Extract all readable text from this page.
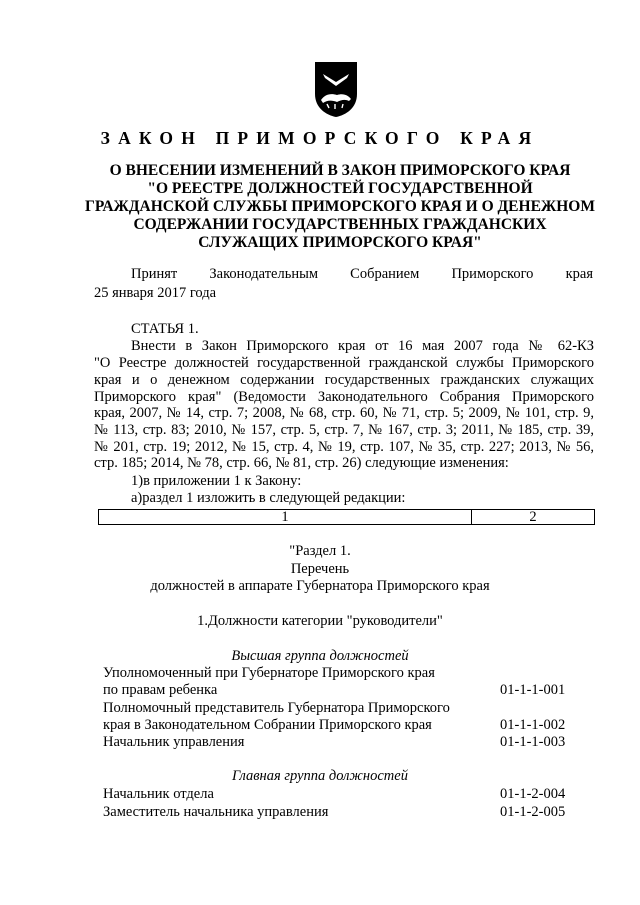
ЗАКОН ПРИМОРСКОГО КРАЯ
О ВНЕСЕНИИ ИЗМЕНЕНИЙ В ЗАКОН ПРИМОРСКОГО КРАЯ
"О РЕЕСТРЕ ДОЛЖНОСТЕЙ ГОСУДАРСТВЕННОЙ
ГРАЖДАНСКОЙ СЛУЖБЫ ПРИМОРСКОГО КРАЯ И О ДЕНЕЖНОМ
СОДЕРЖАНИИ ГОСУДАРСТВЕННЫХ ГРАЖДАНСКИХ
СЛУЖАЩИХ ПРИМОРСКОГО КРАЯ"
Принят Законодательным Собранием Приморского края
25 января 2017 года
СТАТЬЯ 1.
Внести в Закон Приморского края от 16 мая 2007 года № 62-КЗ
"О Реестре должностей государственной гражданской службы Приморского
края и о денежном содержании государственных гражданских служащих
Приморского края" (Ведомости Законодательного Собрания Приморского
края, 2007, № 14, стр. 7; 2008, № 68, стр. 60, № 71, стр. 5; 2009, № 101, стр. 9,
№ 113, стр. 83; 2010, № 157, стр. 5, стр. 7, № 167, стр. 3; 2011, № 185, стр. 39,
№ 201, стр. 19; 2012, № 15, стр. 4, № 19, стр. 107, № 35, стр. 227; 2013, № 56,
стр. 185; 2014, № 78, стр. 66, № 81, стр. 26) следующие изменения:
1)в приложении 1 к Закону:
а)раздел 1 изложить в следующей редакции:
1	2
"Раздел 1.
Перечень
должностей в аппарате Губернатора Приморского края
1.Должности категории "руководители"
Высшая группа должностей
Уполномоченный при Губернаторе Приморского края
по правам ребенка	01-1-1-001
Полномочный представитель Губернатора Приморского
края в Законодательном Собрании Приморского края	01-1-1-002
Начальник управления	01-1-1-003
Главная группа должностей
Начальник отдела	01-1-2-004
Заместитель начальника управления	01-1-2-005
